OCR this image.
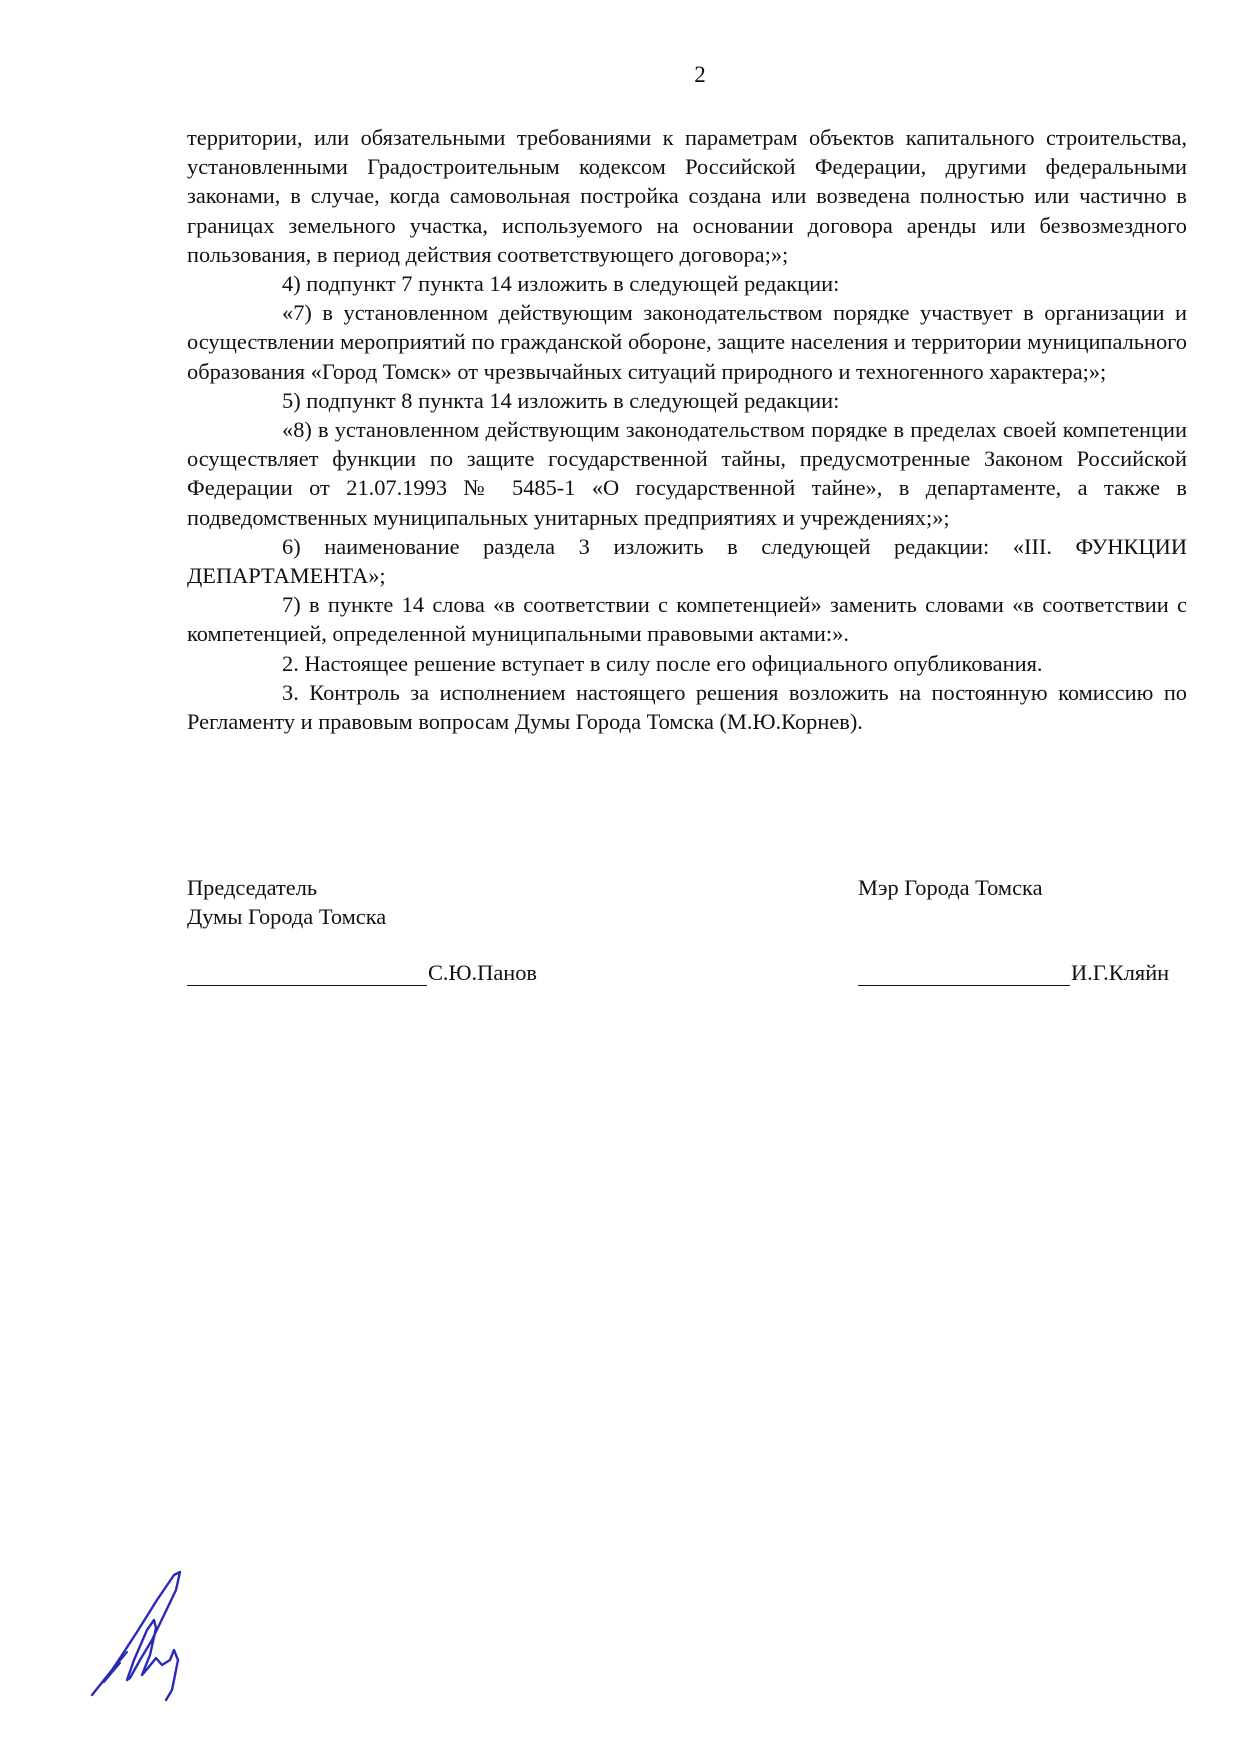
2

территории, или обязательными требованиями к параметрам объектов капитального строительства, установленными Градостроительным кодексом Российской Федерации, другими федеральными законами, в случае, когда самовольная постройка создана или возведена полностью или частично в границах земельного участка, используемого на основании договора аренды или безвозмездного пользования, в период действия соответствующего договора;»;

4) подпункт 7 пункта 14 изложить в следующей редакции:

«7) в установленном действующим законодательством порядке участвует в организации и осуществлении мероприятий по гражданской обороне, защите населения и территории муниципального образования «Город Томск» от чрезвычайных ситуаций природного и техногенного характера;»;

5) подпункт 8 пункта 14 изложить в следующей редакции:

«8) в установленном действующим законодательством порядке в пределах своей компетенции осуществляет функции по защите государственной тайны, предусмотренные Законом Российской Федерации от 21.07.1993 № 5485-1 «О государственной тайне», в департаменте, а также в подведомственных муниципальных унитарных предприятиях и учреждениях;»;

6) наименование раздела 3 изложить в следующей редакции: «III. ФУНКЦИИ ДЕПАРТАМЕНТА»;

7) в пункте 14 слова «в соответствии с компетенцией» заменить словами «в соответствии с компетенцией, определенной муниципальными правовыми актами:».

2. Настоящее решение вступает в силу после его официального опубликования.

3. Контроль за исполнением настоящего решения возложить на постоянную комиссию по Регламенту и правовым вопросам Думы Города Томска (М.Ю.Корнев).

Председатель
Думы Города Томска
Мэр Города Томска
С.Ю.Панов	И.Г.Кляйн
